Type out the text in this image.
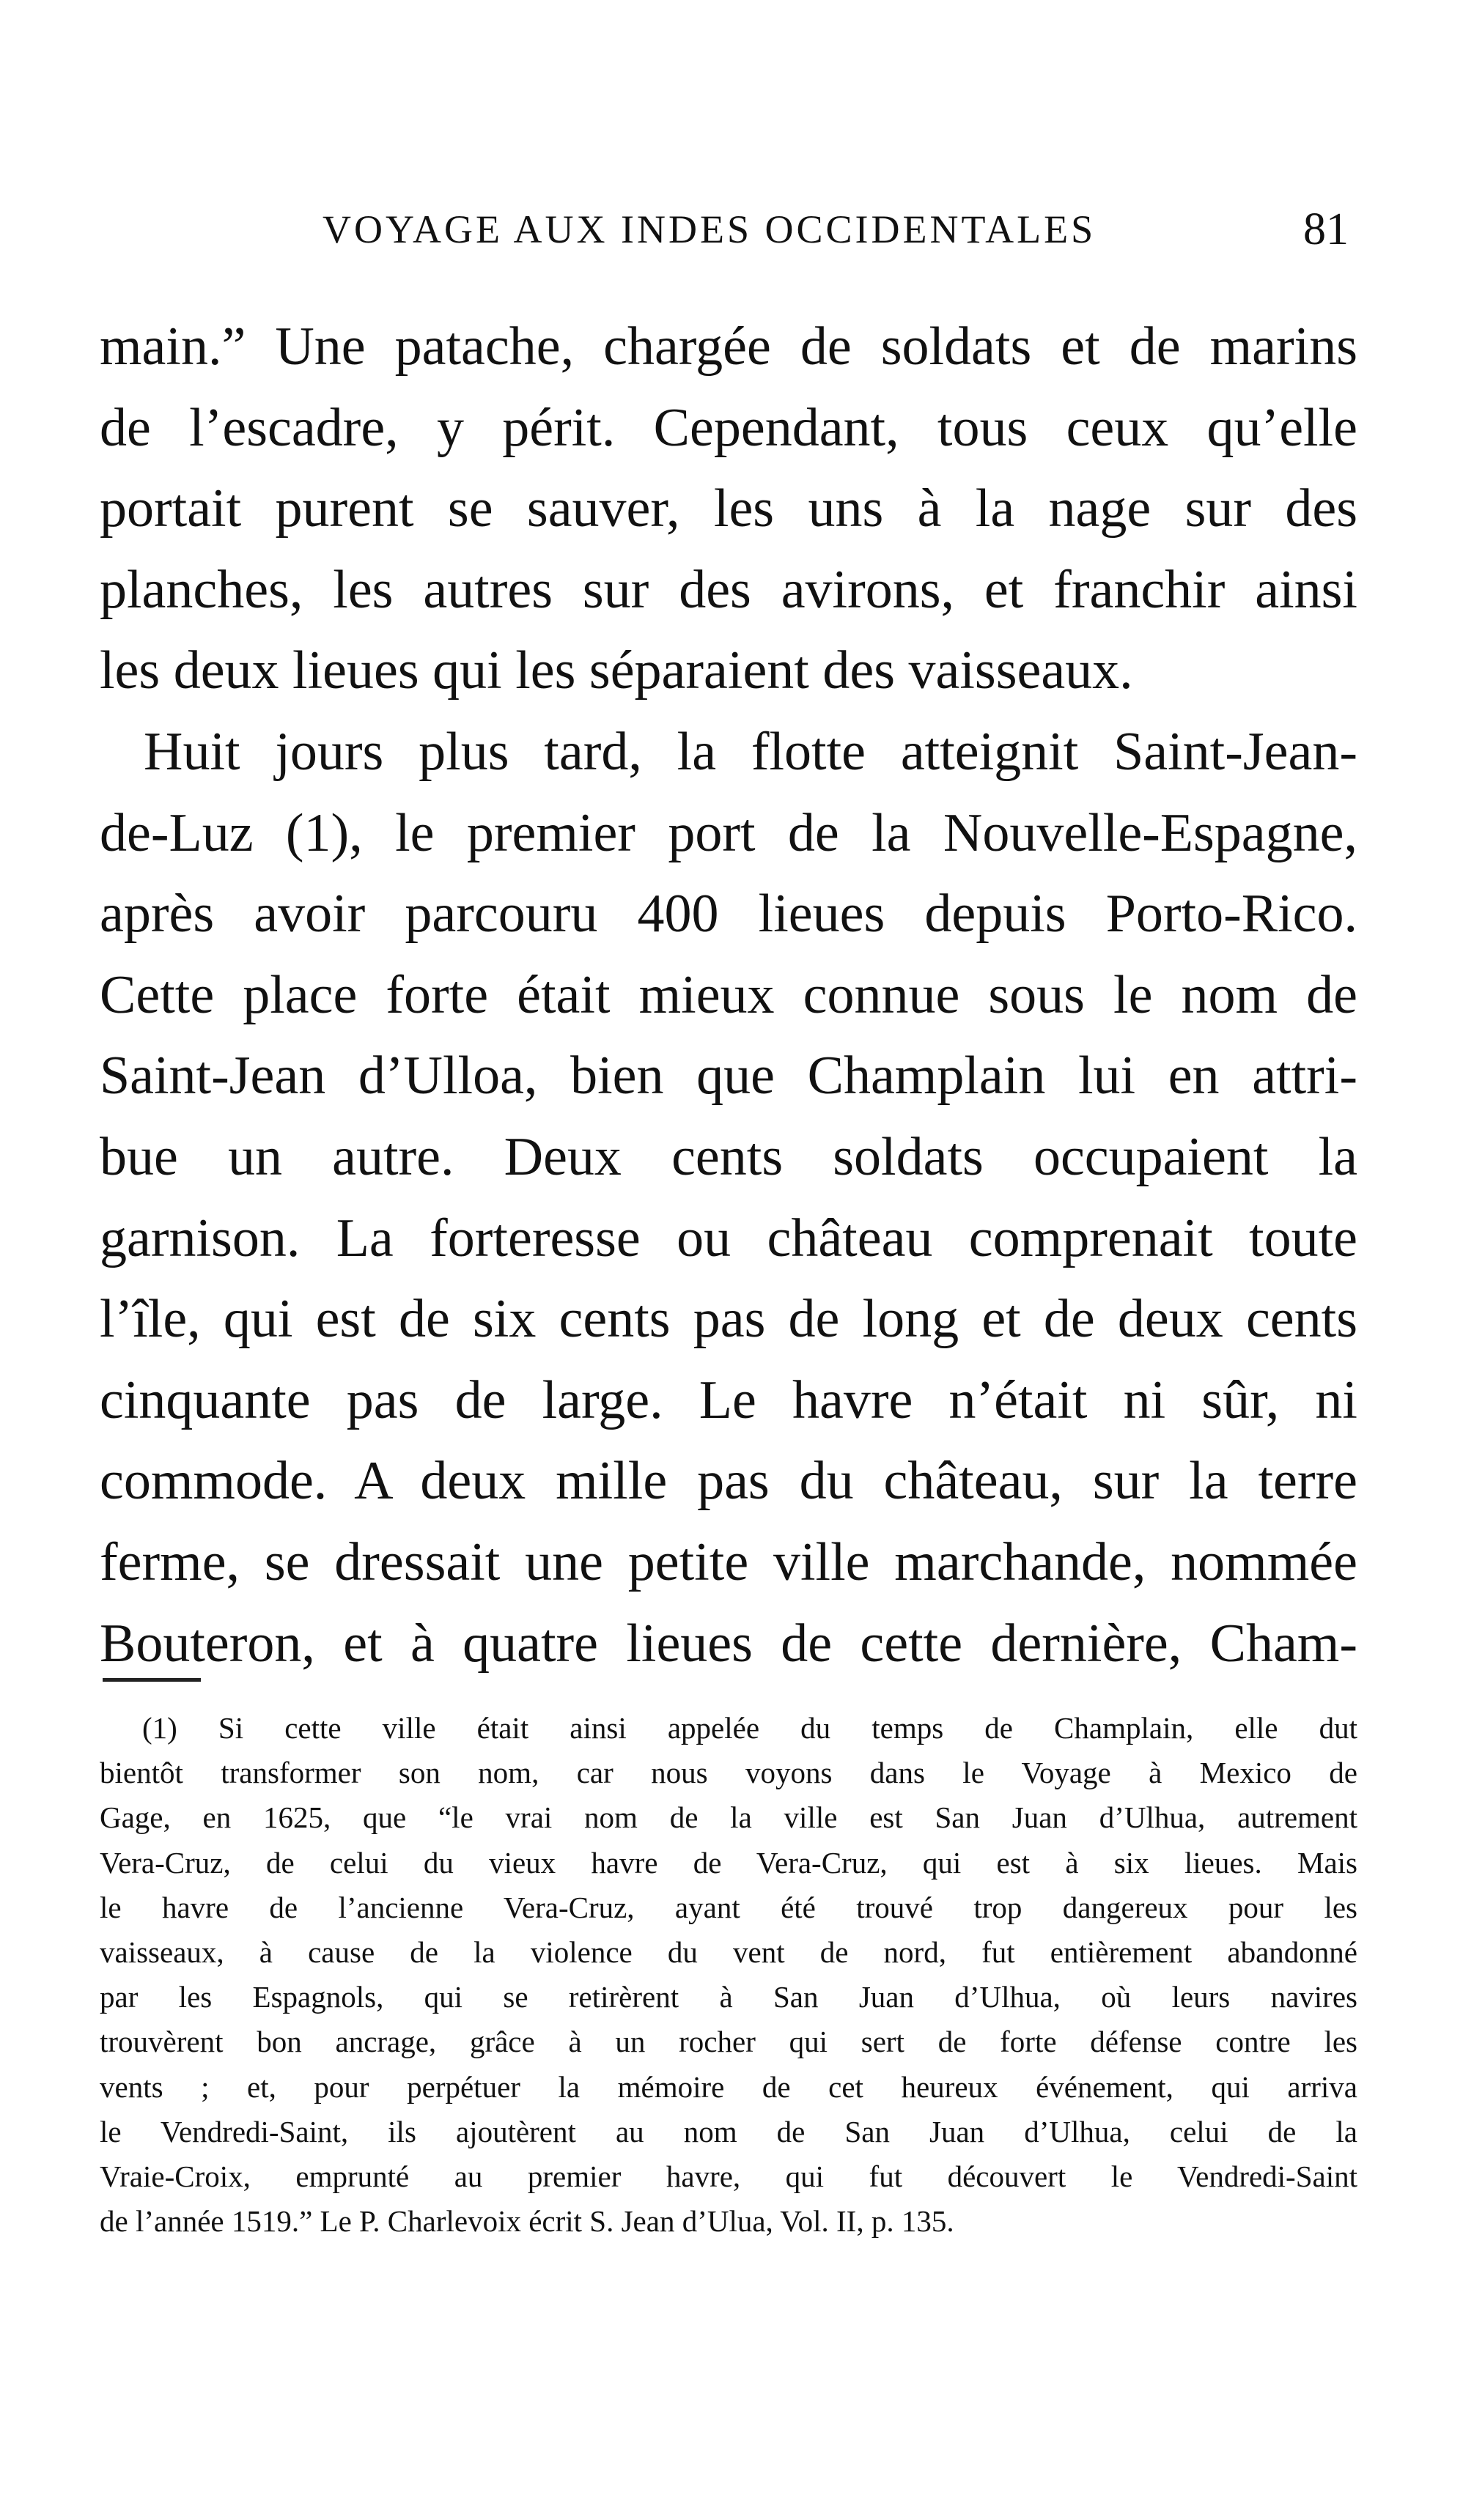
VOYAGE AUX INDES OCCIDENTALES	81
main.” Une patache, chargée de soldats et de marins
de l’escadre, y périt. Cependant, tous ceux qu’elle
portait purent se sauver, les uns à la nage sur des
planches, les autres sur des avirons, et franchir ainsi
les deux lieues qui les séparaient des vaisseaux.
Huit jours plus tard, la flotte atteignit Saint-Jean-
de-Luz (1), le premier port de la Nouvelle-Espagne,
après avoir parcouru 400 lieues depuis Porto-Rico.
Cette place forte était mieux connue sous le nom de
Saint-Jean d’Ulloa, bien que Champlain lui en attri-
bue un autre. Deux cents soldats occupaient la
garnison. La forteresse ou château comprenait toute
l’île, qui est de six cents pas de long et de deux cents
cinquante pas de large. Le havre n’était ni sûr, ni
commode. A deux mille pas du château, sur la terre
ferme, se dressait une petite ville marchande, nommée
Bouteron, et à quatre lieues de cette dernière, Cham-
(1) Si cette ville était ainsi appelée du temps de Champlain, elle dut
bientôt transformer son nom, car nous voyons dans le Voyage à Mexico de
Gage, en 1625, que “le vrai nom de la ville est San Juan d’Ulhua, autrement
Vera-Cruz, de celui du vieux havre de Vera-Cruz, qui est à six lieues. Mais
le havre de l’ancienne Vera-Cruz, ayant été trouvé trop dangereux pour les
vaisseaux, à cause de la violence du vent de nord, fut entièrement abandonné
par les Espagnols, qui se retirèrent à San Juan d’Ulhua, où leurs navires
trouvèrent bon ancrage, grâce à un rocher qui sert de forte défense contre les
vents ; et, pour perpétuer la mémoire de cet heureux événement, qui arriva
le Vendredi-Saint, ils ajoutèrent au nom de San Juan d’Ulhua, celui de la
Vraie-Croix, emprunté au premier havre, qui fut découvert le Vendredi-Saint
de l’année 1519.” Le P. Charlevoix écrit S. Jean d’Ulua, Vol. II, p. 135.
